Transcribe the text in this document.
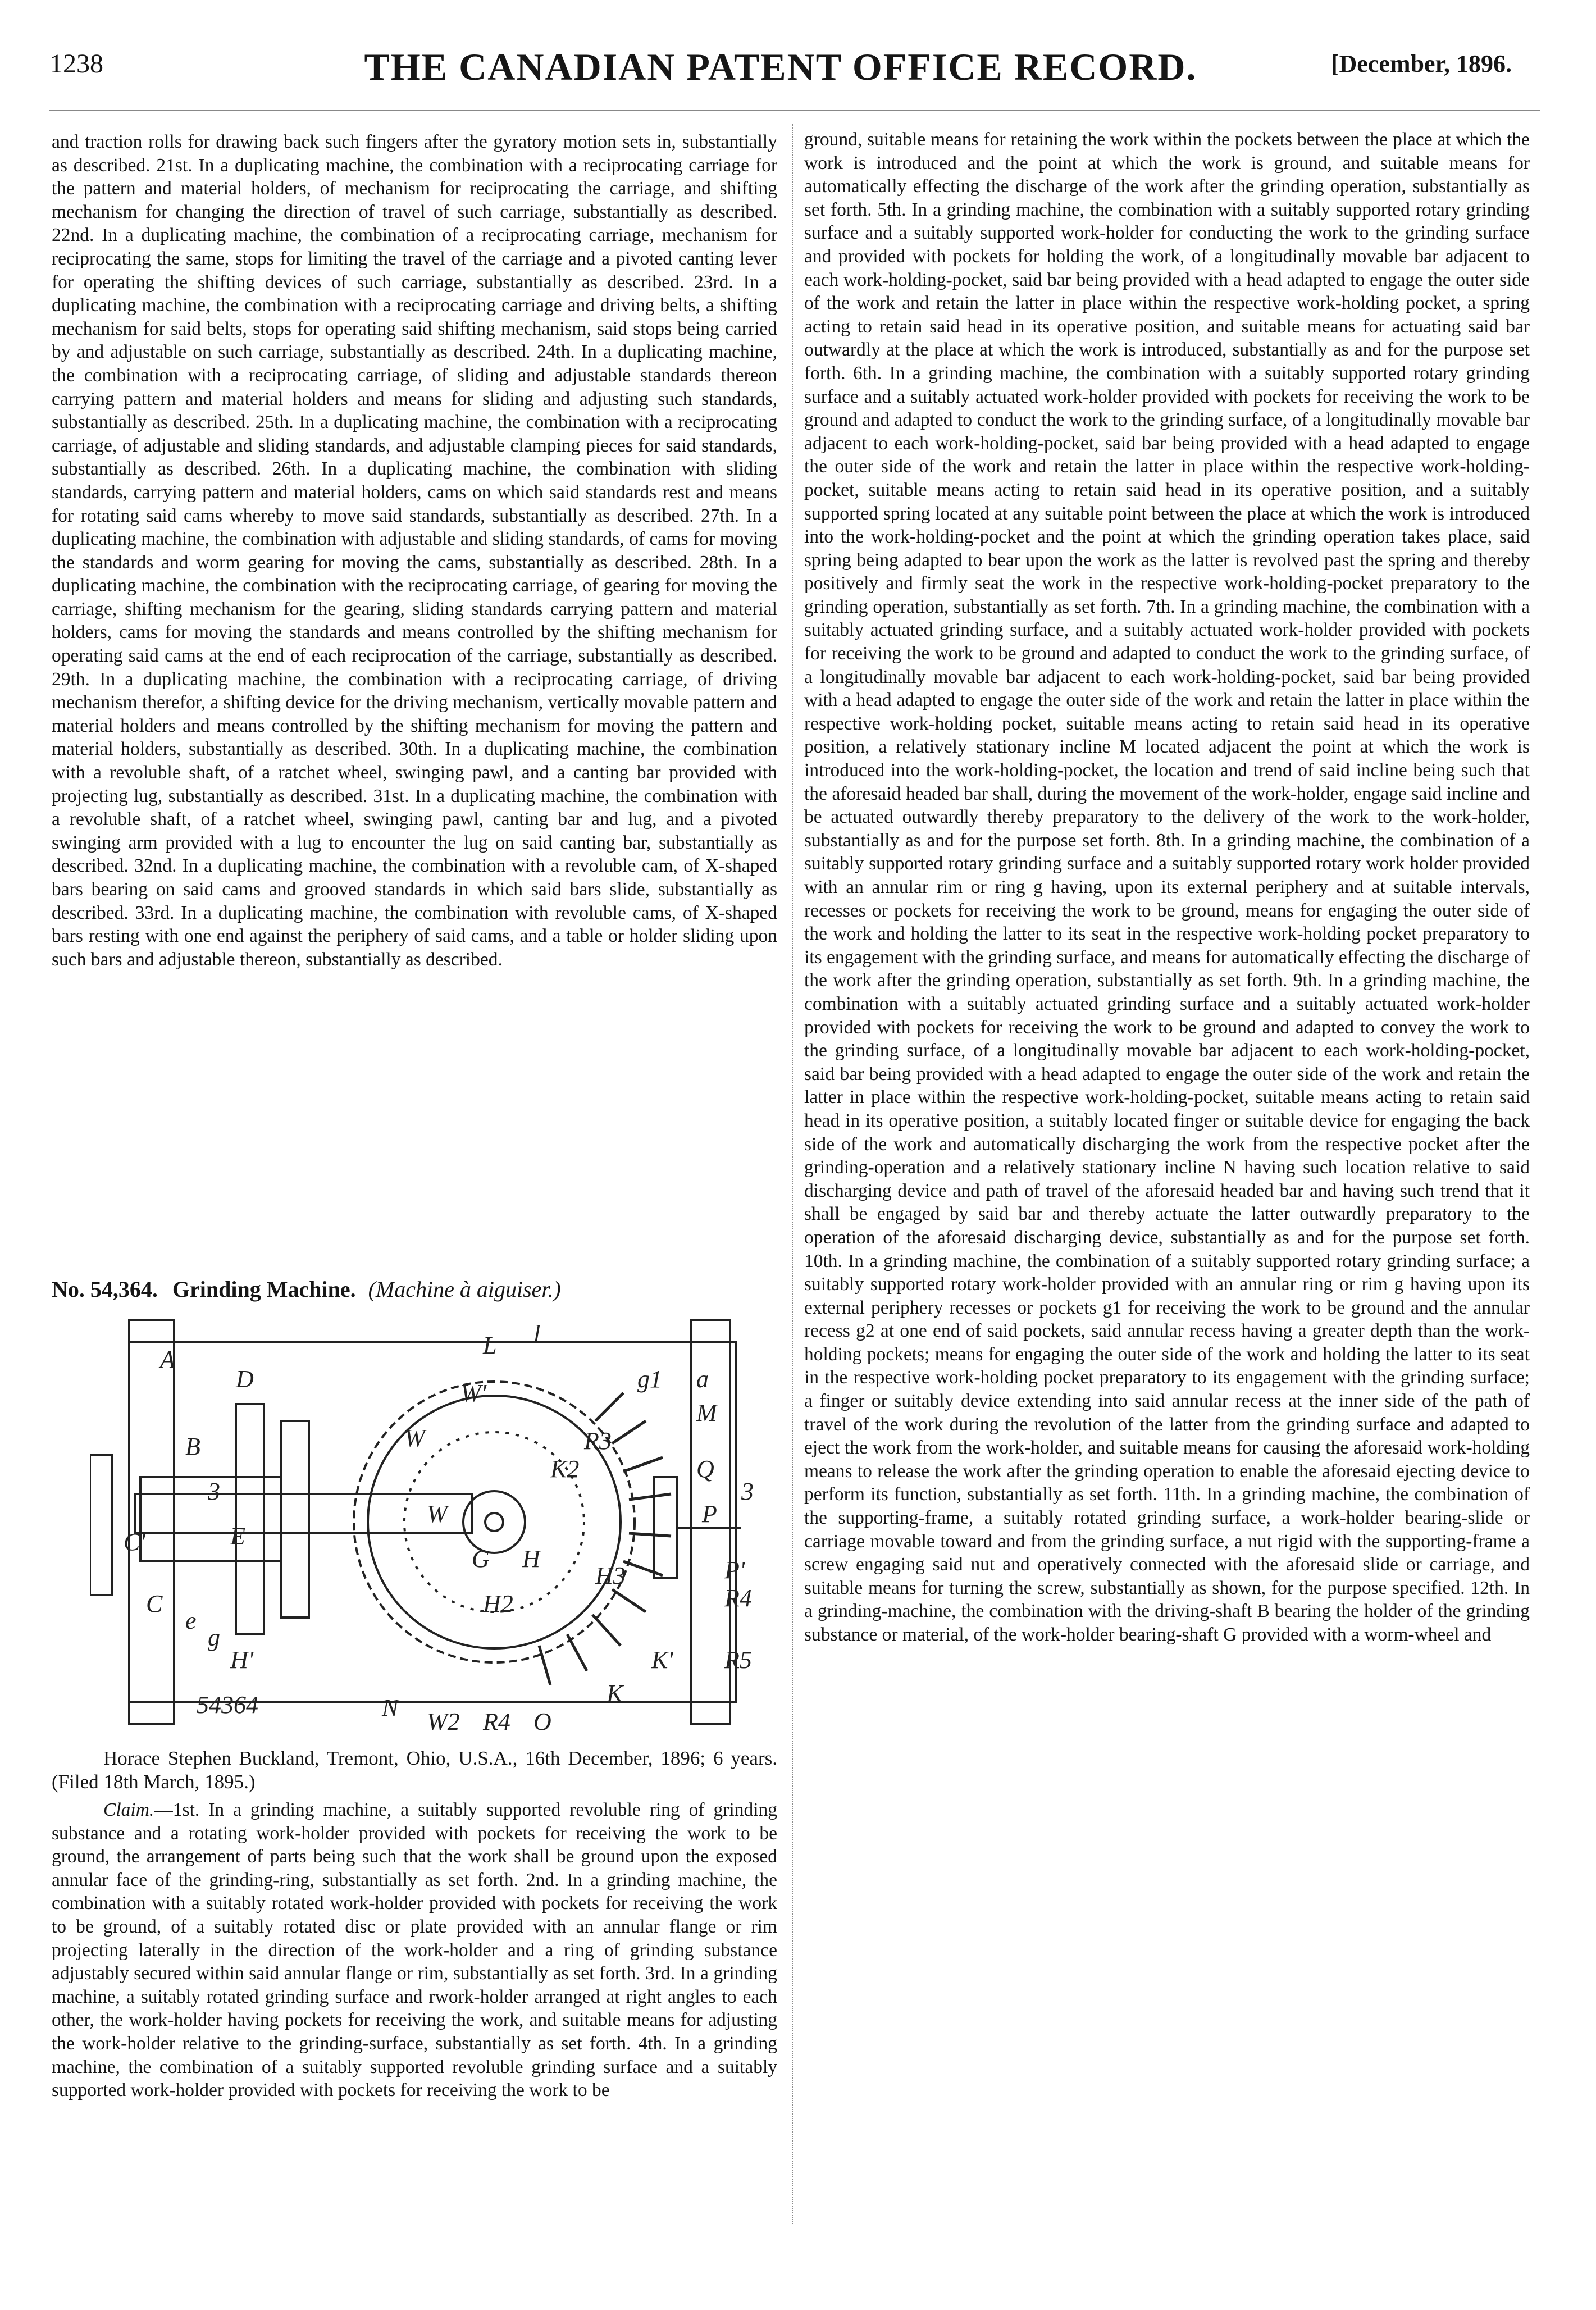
1238	THE CANADIAN PATENT OFFICE RECORD.	[December, 1896.

and traction rolls for drawing back such fingers after the gyratory motion sets in, substantially as described. 21st. In a duplicating machine, the combination with a reciprocating carriage for the pattern and material holders, of mechanism for reciprocating the carriage, and shifting mechanism for changing the direction of travel of such carriage, substantially as described. 22nd. In a duplicating machine, the combination of a reciprocating carriage, mechanism for reciprocating the same, stops for limiting the travel of the carriage and a pivoted canting lever for operating the shifting devices of such carriage, substantially as described. 23rd. In a duplicating machine, the combination with a reciprocating carriage and driving belts, a shifting mechanism for said belts, stops for operating said shifting mechanism, said stops being carried by and adjustable on such carriage, substantially as described. 24th. In a duplicating machine, the combination with a reciprocating carriage, of sliding and adjustable standards thereon carrying pattern and material holders and means for sliding and adjusting such standards, substantially as described. 25th. In a duplicating machine, the combination with a reciprocating carriage, of adjustable and sliding standards, and adjustable clamping pieces for said standards, substantially as described. 26th. In a duplicating machine, the combination with sliding standards, carrying pattern and material holders, cams on which said standards rest and means for rotating said cams whereby to move said standards, substantially as described. 27th. In a duplicating machine, the combination with adjustable and sliding standards, of cams for moving the standards and worm gearing for moving the cams, substantially as described. 28th. In a duplicating machine, the combination with the reciprocating carriage, of gearing for moving the carriage, shifting mechanism for the gearing, sliding standards carrying pattern and material holders, cams for moving the standards and means controlled by the shifting mechanism for operating said cams at the end of each reciprocation of the carriage, substantially as described. 29th. In a duplicating machine, the combination with a reciprocating carriage, of driving mechanism therefor, a shifting device for the driving mechanism, vertically movable pattern and material holders and means controlled by the shifting mechanism for moving the pattern and material holders, substantially as described. 30th. In a duplicating machine, the combination with a revoluble shaft, of a ratchet wheel, swinging pawl, and a canting bar provided with projecting lug, substantially as described. 31st. In a duplicating machine, the combination with a revoluble shaft, of a ratchet wheel, swinging pawl, canting bar and lug, and a pivoted swinging arm provided with a lug to encounter the lug on said canting bar, substantially as described. 32nd. In a duplicating machine, the combination with a revoluble cam, of X-shaped bars bearing on said cams and grooved standards in which said bars slide, substantially as described. 33rd. In a duplicating machine, the combination with revoluble cams, of X-shaped bars resting with one end against the periphery of said cams, and a table or holder sliding upon such bars and adjustable thereon, substantially as described.

No. 54,364. Grinding Machine. (Machine à aiguiser.)
A
L l
g1 a
M
Q
3
P
P'
R4
R5
K'
K
O
R4
W2
N
54364
H'
g
e
C
C'	E
3
B
D
W'
W
W
G H
H2
K2
R3
H3

Horace Stephen Buckland, Tremont, Ohio, U.S.A., 16th December, 1896; 6 years. (Filed 18th March, 1895.)

Claim.—1st. In a grinding machine, a suitably supported revoluble ring of grinding substance and a rotating work-holder provided with pockets for receiving the work to be ground, the arrangement of parts being such that the work shall be ground upon the exposed annular face of the grinding-ring, substantially as set forth. 2nd. In a grinding machine, the combination with a suitably rotated work-holder provided with pockets for receiving the work to be ground, of a suitably rotated disc or plate provided with an annular flange or rim projecting laterally in the direction of the work-holder and a ring of grinding substance adjustably secured within said annular flange or rim, substantially as set forth. 3rd. In a grinding machine, a suitably rotated grinding surface and rwork-holder arranged at right angles to each other, the work-holder having pockets for receiving the work, and suitable means for adjusting the work-holder relative to the grinding-surface, substantially as set forth. 4th. In a grinding machine, the combination of a suitably supported revoluble grinding surface and a suitably supported work-holder provided with pockets for receiving the work to be

ground, suitable means for retaining the work within the pockets between the place at which the work is introduced and the point at which the work is ground, and suitable means for automatically effecting the discharge of the work after the grinding operation, substantially as set forth. 5th. In a grinding machine, the combination with a suitably supported rotary grinding surface and a suitably supported work-holder for conducting the work to the grinding surface and provided with pockets for holding the work, of a longitudinally movable bar adjacent to each work-holding-pocket, said bar being provided with a head adapted to engage the outer side of the work and retain the latter in place within the respective work-holding pocket, a spring acting to retain said head in its operative position, and suitable means for actuating said bar outwardly at the place at which the work is introduced, substantially as and for the purpose set forth. 6th. In a grinding machine, the combination with a suitably supported rotary grinding surface and a suitably actuated work-holder provided with pockets for receiving the work to be ground and adapted to conduct the work to the grinding surface, of a longitudinally movable bar adjacent to each work-holding-pocket, said bar being provided with a head adapted to engage the outer side of the work and retain the latter in place within the respective work-holding-pocket, suitable means acting to retain said head in its operative position, and a suitably supported spring located at any suitable point between the place at which the work is introduced into the work-holding-pocket and the point at which the grinding operation takes place, said spring being adapted to bear upon the work as the latter is revolved past the spring and thereby positively and firmly seat the work in the respective work-holding-pocket preparatory to the grinding operation, substantially as set forth. 7th. In a grinding machine, the combination with a suitably actuated grinding surface, and a suitably actuated work-holder provided with pockets for receiving the work to be ground and adapted to conduct the work to the grinding surface, of a longitudinally movable bar adjacent to each work-holding-pocket, said bar being provided with a head adapted to engage the outer side of the work and retain the latter in place within the respective work-holding pocket, suitable means acting to retain said head in its operative position, a relatively stationary incline M located adjacent the point at which the work is introduced into the work-holding-pocket, the location and trend of said incline being such that the aforesaid headed bar shall, during the movement of the work-holder, engage said incline and be actuated outwardly thereby preparatory to the delivery of the work to the work-holder, substantially as and for the purpose set forth. 8th. In a grinding machine, the combination of a suitably supported rotary grinding surface and a suitably supported rotary work holder provided with an annular rim or ring g having, upon its external periphery and at suitable intervals, recesses or pockets for receiving the work to be ground, means for engaging the outer side of the work and holding the latter to its seat in the respective work-holding pocket preparatory to its engagement with the grinding surface, and means for automatically effecting the discharge of the work after the grinding operation, substantially as set forth. 9th. In a grinding machine, the combination with a suitably actuated grinding surface and a suitably actuated work-holder provided with pockets for receiving the work to be ground and adapted to convey the work to the grinding surface, of a longitudinally movable bar adjacent to each work-holding-pocket, said bar being provided with a head adapted to engage the outer side of the work and retain the latter in place within the respective work-holding-pocket, suitable means acting to retain said head in its operative position, a suitably located finger or suitable device for engaging the back side of the work and automatically discharging the work from the respective pocket after the grinding-operation and a relatively stationary incline N having such location relative to said discharging device and path of travel of the aforesaid headed bar and having such trend that it shall be engaged by said bar and thereby actuate the latter outwardly preparatory to the operation of the aforesaid discharging device, substantially as and for the purpose set forth. 10th. In a grinding machine, the combination of a suitably supported rotary grinding surface; a suitably supported rotary work-holder provided with an annular ring or rim g having upon its external periphery recesses or pockets g1 for receiving the work to be ground and the annular recess g2 at one end of said pockets, said annular recess having a greater depth than the work-holding pockets; means for engaging the outer side of the work and holding the latter to its seat in the respective work-holding pocket preparatory to its engagement with the grinding surface; a finger or suitably device extending into said annular recess at the inner side of the path of travel of the work during the revolution of the latter from the grinding surface and adapted to eject the work from the work-holder, and suitable means for causing the aforesaid work-holding means to release the work after the grinding operation to enable the aforesaid ejecting device to perform its function, substantially as set forth. 11th. In a grinding machine, the combination of the supporting-frame, a suitably rotated grinding surface, a work-holder bearing-slide or carriage movable toward and from the grinding surface, a nut rigid with the supporting-frame a screw engaging said nut and operatively connected with the aforesaid slide or carriage, and suitable means for turning the screw, substantially as shown, for the purpose specified. 12th. In a grinding-machine, the combination with the driving-shaft B bearing the holder of the grinding substance or material, of the work-holder bearing-shaft G provided with a worm-wheel and
